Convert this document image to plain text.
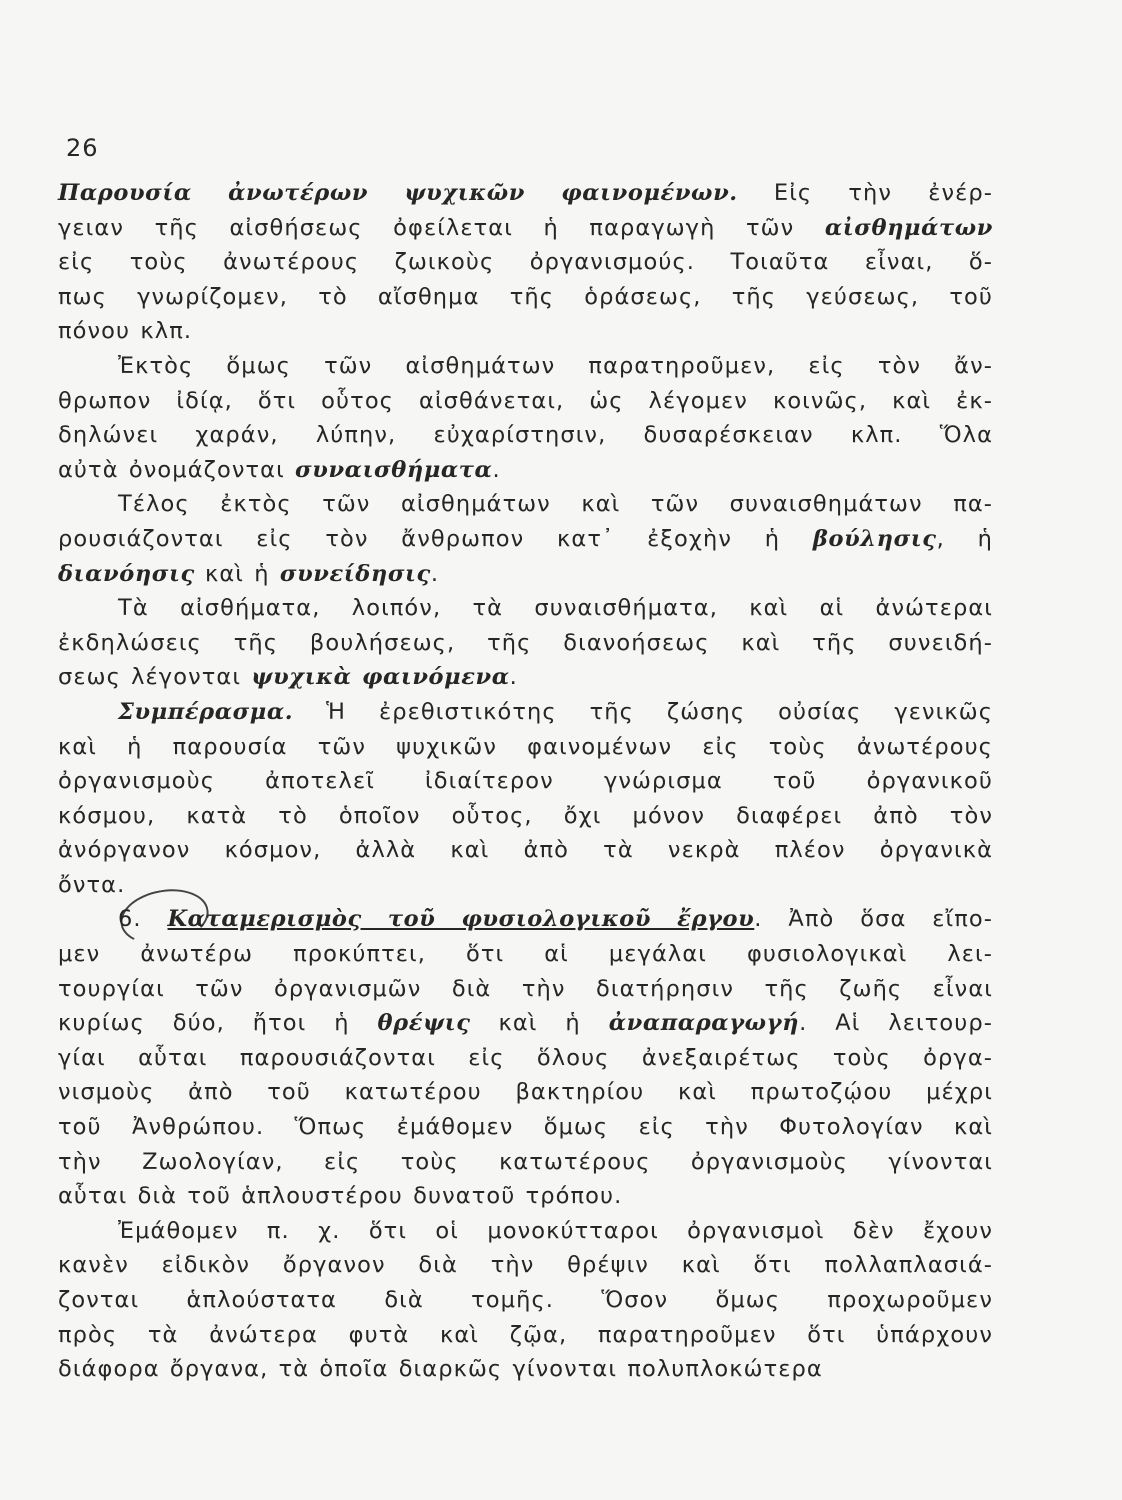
26
Παρουσία ἀνωτέρων ψυχικῶν φαινομένων. Εἰς τὴν ἐνέρ-
γειαν τῆς αἰσθήσεως ὀφείλεται ἡ παραγωγὴ τῶν αἰσθημάτων
εἰς τοὺς ἀνωτέρους ζωικοὺς ὀργανισμούς. Τοιαῦτα εἶναι, ὅ-
πως γνωρίζομεν, τὸ αἴσθημα τῆς ὁράσεως, τῆς γεύσεως, τοῦ
πόνου κλπ.
Ἐκτὸς ὅμως τῶν αἰσθημάτων παρατηροῦμεν, εἰς τὸν ἄν-
θρωπον ἰδίᾳ, ὅτι οὗτος αἰσθάνεται, ὡς λέγομεν κοινῶς, καὶ ἐκ-
δηλώνει χαράν, λύπην, εὐχαρίστησιν, δυσαρέσκειαν κλπ. Ὅλα
αὐτὰ ὀνομάζονται συναισθήματα.
Τέλος ἐκτὸς τῶν αἰσθημάτων καὶ τῶν συναισθημάτων πα-
ρουσιάζονται εἰς τὸν ἄνθρωπον κατ᾽ ἐξοχὴν ἡ βούλησις, ἡ
διανόησις καὶ ἡ συνείδησις.
Τὰ αἰσθήματα, λοιπόν, τὰ συναισθήματα, καὶ αἱ ἀνώτεραι
ἐκδηλώσεις τῆς βουλήσεως, τῆς διανοήσεως καὶ τῆς συνειδή-
σεως λέγονται ψυχικὰ φαινόμενα.
Συμπέρασμα. Ἡ ἐρεθιστικότης τῆς ζώσης οὐσίας γενικῶς
καὶ ἡ παρουσία τῶν ψυχικῶν φαινομένων εἰς τοὺς ἀνωτέρους
ὀργανισμοὺς ἀποτελεῖ ἰδιαίτερον γνώρισμα τοῦ ὀργανικοῦ
κόσμου, κατὰ τὸ ὁποῖον οὗτος, ὄχι μόνον διαφέρει ἀπὸ τὸν
ἀνόργανον κόσμον, ἀλλὰ καὶ ἀπὸ τὰ νεκρὰ πλέον ὀργανικὰ
ὄντα.
6. Καταμερισμὸς τοῦ φυσιολογικοῦ ἔργου. Ἀπὸ ὅσα εἴπο-
μεν ἀνωτέρω προκύπτει, ὅτι αἱ μεγάλαι φυσιολογικαὶ λει-
τουργίαι τῶν ὀργανισμῶν διὰ τὴν διατήρησιν τῆς ζωῆς εἶναι
κυρίως δύο, ἤτοι ἡ θρέψις καὶ ἡ ἀναπαραγωγή. Αἱ λειτουρ-
γίαι αὗται παρουσιάζονται εἰς ὅλους ἀνεξαιρέτως τοὺς ὀργα-
νισμοὺς ἀπὸ τοῦ κατωτέρου βακτηρίου καὶ πρωτοζῴου μέχρι
τοῦ Ἀνθρώπου. Ὅπως ἐμάθομεν ὅμως εἰς τὴν Φυτολογίαν καὶ
τὴν Ζωολογίαν, εἰς τοὺς κατωτέρους ὀργανισμοὺς γίνονται
αὗται διὰ τοῦ ἁπλουστέρου δυνατοῦ τρόπου.
Ἐμάθομεν π. χ. ὅτι οἱ μονοκύτταροι ὀργανισμοὶ δὲν ἔχουν
κανὲν εἰδικὸν ὄργανον διὰ τὴν θρέψιν καὶ ὅτι πολλαπλασιά-
ζονται ἁπλούστατα διὰ τομῆς. Ὅσον ὅμως προχωροῦμεν
πρὸς τὰ ἀνώτερα φυτὰ καὶ ζῷα, παρατηροῦμεν ὅτι ὑπάρχουν
διάφορα ὄργανα, τὰ ὁποῖα διαρκῶς γίνονται πολυπλοκώτερα
